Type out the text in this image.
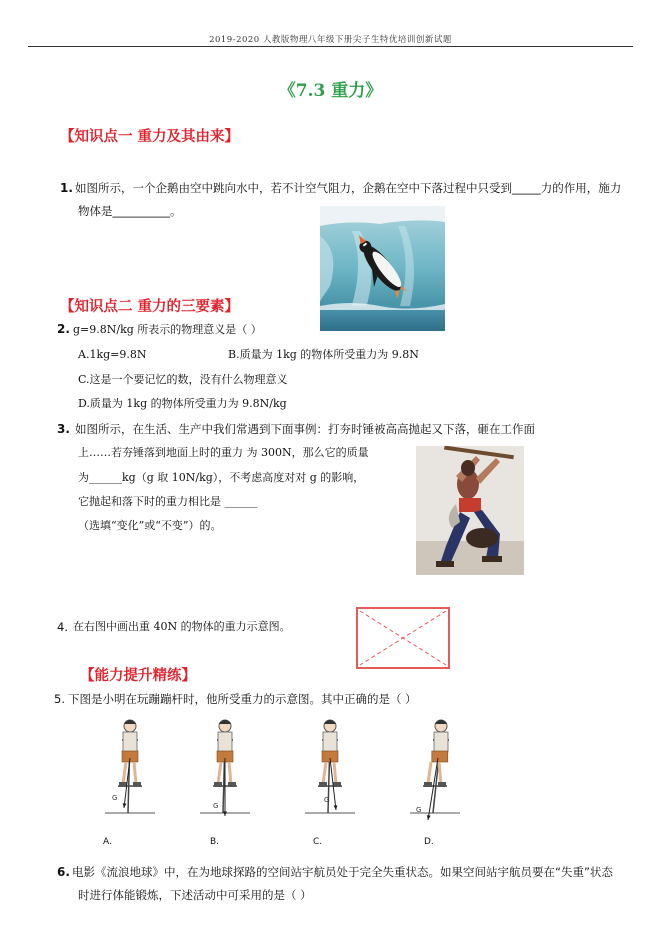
2019-2020 人教版物理八年级下册尖子生特优培训创新试题
《7.3 重力》
【知识点一 重力及其由来】
1. 如图所示，一个企鹅由空中跳向水中，若不计空气阻力，企鹅在空中下落过程中只受到_____力的作用，施力
物体是__________。
【知识点二 重力的三要素】
2. g=9.8N/kg 所表示的物理意义是（ ）
A.1kg=9.8N	B.质量为 1kg 的物体所受重力为 9.8N
C.这是一个要记忆的数，没有什么物理意义
D.质量为 1kg 的物体所受重力为 9.8N/kg
3. 如图所示，在生活、生产中我们常遇到下面事例：打夯时锤被高高抛起又下落，砸在工作面
上……若夯锤落到地面上时的重力 为 300N，那么它的质量
为______kg（g 取 10N/kg），不考虑高度对对 g 的影响，
它抛起和落下时的重力相比是 ______
（选填“变化”或“不变”）的。
4. 在右图中画出重 40N 的物体的重力示意图。
【能力提升精练】
5. 下图是小明在玩蹦蹦杆时，他所受重力的示意图。其中正确的是（ ）
G
G
G
G
A.	B.	C.	D.
6. 电影《流浪地球》中，在为地球探路的空间站宇航员处于完全失重状态。如果空间站宇航员要在“失重”状态
时进行体能锻炼，下述活动中可采用的是（ ）
